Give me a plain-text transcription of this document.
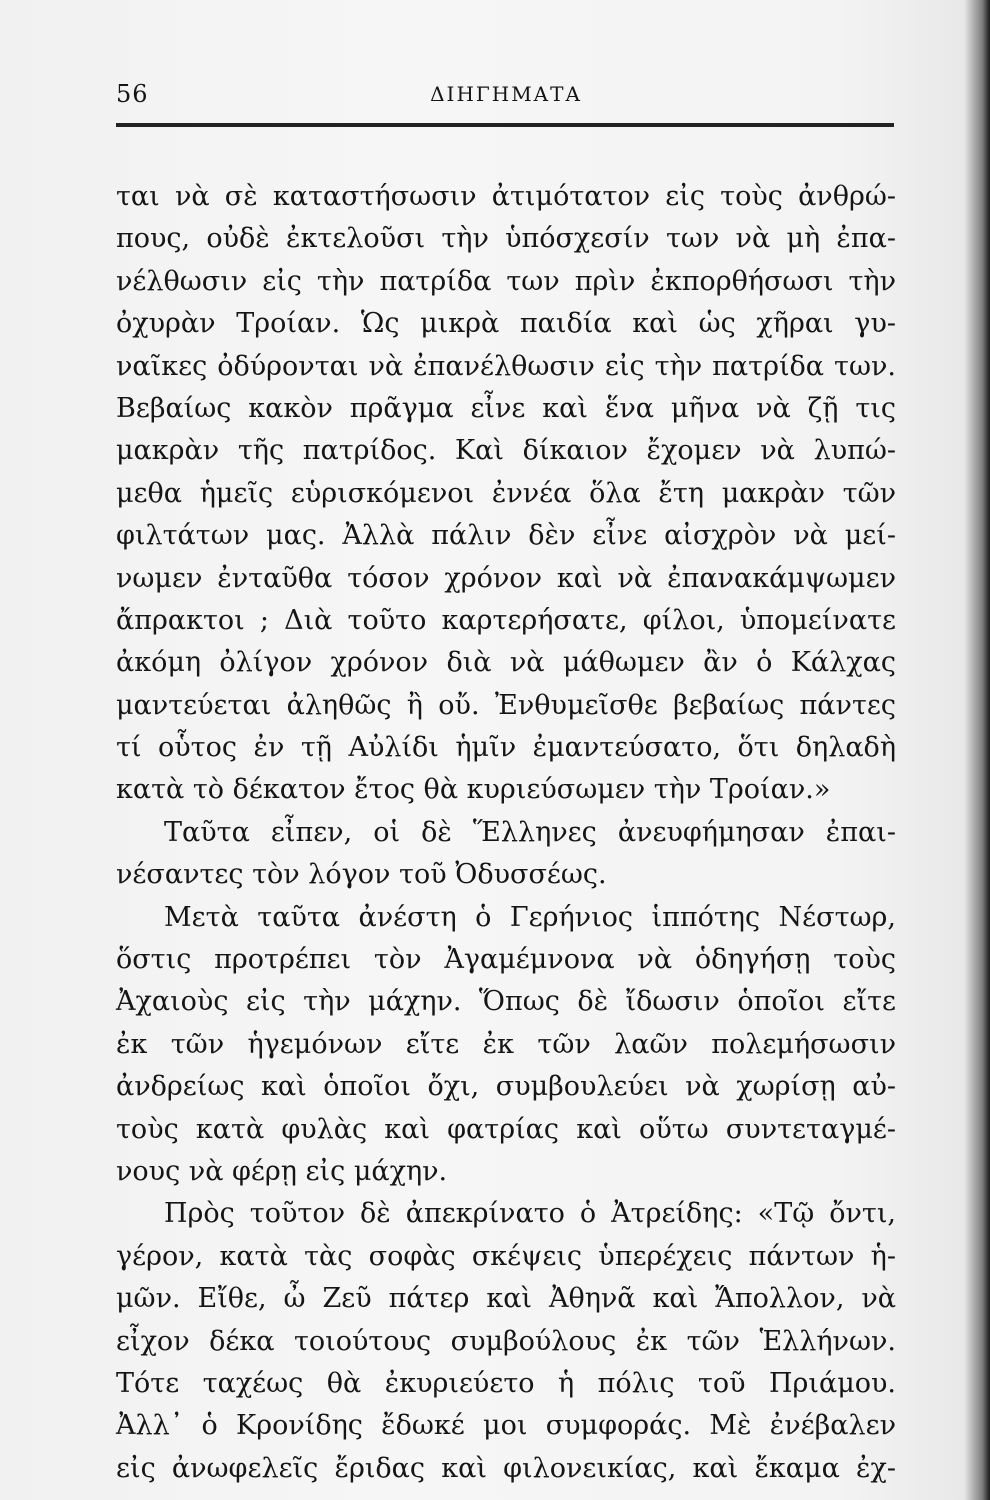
56	ΔΙΗΓΗΜΑΤΑ
ται νὰ σὲ καταστήσωσιν ἀτιμότατον εἰς τοὺς ἀνθρώ-
πους, οὐδὲ ἐκτελοῦσι τὴν ὑπόσχεσίν των νὰ μὴ ἐπα-
νέλθωσιν εἰς τὴν πατρίδα των πρὶν ἐκπορθήσωσι τὴν
ὀχυρὰν Τροίαν. Ὡς μικρὰ παιδία καὶ ὡς χῆραι γυ-
ναῖκες ὀδύρονται νὰ ἐπανέλθωσιν εἰς τὴν πατρίδα των.
Βεβαίως κακὸν πρᾶγμα εἶνε καὶ ἕνα μῆνα νὰ ζῇ τις
μακρὰν τῆς πατρίδος. Καὶ δίκαιον ἔχομεν νὰ λυπώ-
μεθα ἡμεῖς εὑρισκόμενοι ἐννέα ὅλα ἔτη μακρὰν τῶν
φιλτάτων μας. Ἀλλὰ πάλιν δὲν εἶνε αἰσχρὸν νὰ μεί-
νωμεν ἐνταῦθα τόσον χρόνον καὶ νὰ ἐπανακάμψωμεν
ἄπρακτοι ; Διὰ τοῦτο καρτερήσατε, φίλοι, ὑπομείνατε
ἀκόμη ὀλίγον χρόνον διὰ νὰ μάθωμεν ἂν ὁ Κάλχας
μαντεύεται ἀληθῶς ἢ οὔ. Ἐνθυμεῖσθε βεβαίως πάντες
τί οὗτος ἐν τῇ Αὐλίδι ἡμῖν ἐμαντεύσατο, ὅτι δηλαδὴ
κατὰ τὸ δέκατον ἔτος θὰ κυριεύσωμεν τὴν Τροίαν.»
Ταῦτα εἶπεν, οἱ δὲ Ἕλληνες ἀνευφήμησαν ἐπαι-
νέσαντες τὸν λόγον τοῦ Ὀδυσσέως.
Μετὰ ταῦτα ἀνέστη ὁ Γερήνιος ἱππότης Νέστωρ,
ὅστις προτρέπει τὸν Ἀγαμέμνονα νὰ ὁδηγήσῃ τοὺς
Ἀχαιοὺς εἰς τὴν μάχην. Ὅπως δὲ ἴδωσιν ὁποῖοι εἴτε
ἐκ τῶν ἡγεμόνων εἴτε ἐκ τῶν λαῶν πολεμήσωσιν
ἀνδρείως καὶ ὁποῖοι ὄχι, συμβουλεύει νὰ χωρίσῃ αὐ-
τοὺς κατὰ φυλὰς καὶ φατρίας καὶ οὕτω συντεταγμέ-
νους νὰ φέρῃ εἰς μάχην.
Πρὸς τοῦτον δὲ ἀπεκρίνατο ὁ Ἀτρείδης: «Τῷ ὄντι,
γέρον, κατὰ τὰς σοφὰς σκέψεις ὑπερέχεις πάντων ἡ-
μῶν. Εἴθε, ὦ Ζεῦ πάτερ καὶ Ἀθηνᾶ καὶ Ἄπολλον, νὰ
εἶχον δέκα τοιούτους συμβούλους ἐκ τῶν Ἑλλήνων.
Τότε ταχέως θὰ ἐκυριεύετο ἡ πόλις τοῦ Πριάμου.
Ἀλλ᾽ ὁ Κρονίδης ἔδωκέ μοι συμφοράς. Μὲ ἐνέβαλεν
εἰς ἀνωφελεῖς ἔριδας καὶ φιλονεικίας, καὶ ἔκαμα ἐχ-
